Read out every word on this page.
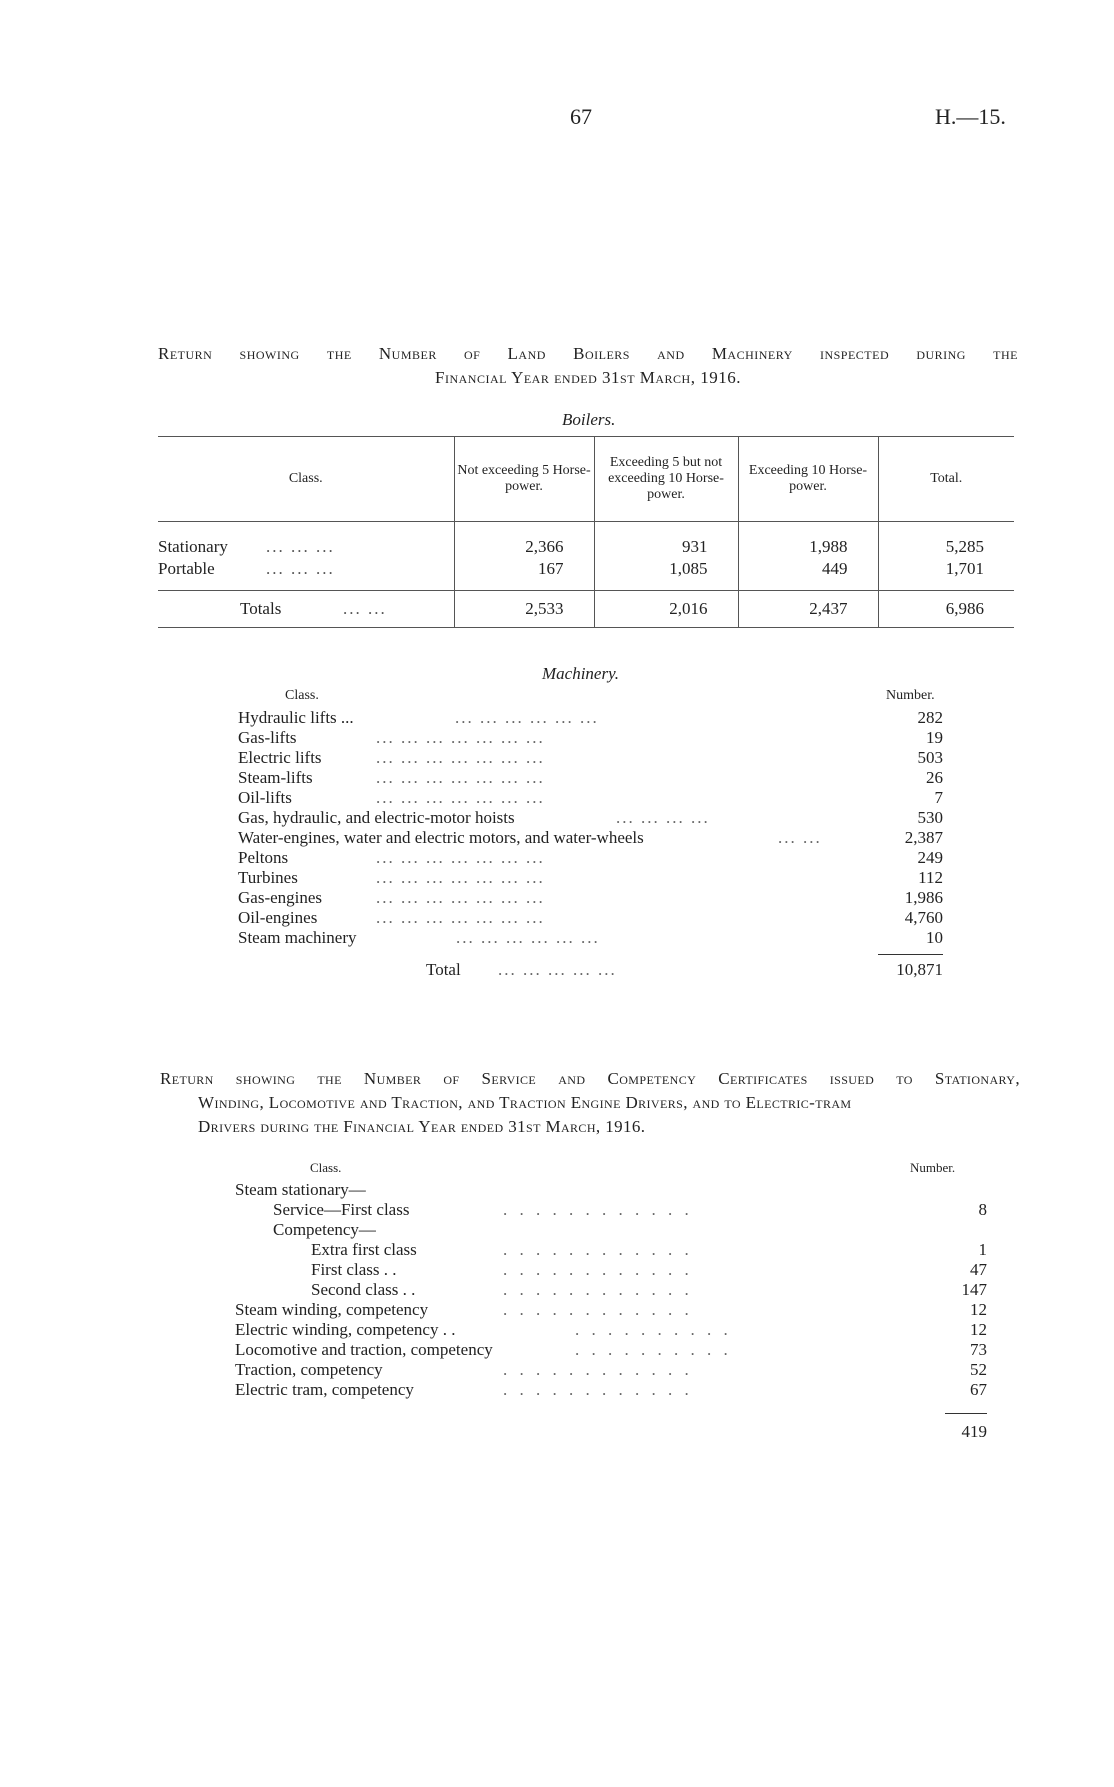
67	H.—15.
Return showing the Number of Land Boilers and Machinery inspected during the
Financial Year ended 31st March, 1916.
Boilers.
Class.	Not exceeding 5 Horse-power.	Exceeding 5 but not exceeding 10 Horse-power.	Exceeding 10 Horse-power.	Total.
Stationary ... ... ...	2,366	931	1,988	5,285
Portable ... ... ...	167	1,085	449	1,701
Totals ... ...	2,533	2,016	2,437	6,986
Machinery.
Class.	Number.
Hydraulic lifts ...	... ... ... ... ... ...	282
Gas-lifts	... ... ... ... ... ... ...	19
Electric lifts	... ... ... ... ... ... ...	503
Steam-lifts	... ... ... ... ... ... ...	26
Oil-lifts	... ... ... ... ... ... ...	7
Gas, hydraulic, and electric-motor hoists	... ... ... ...	530
Water-engines, water and electric motors, and water-wheels	... ...	2,387
Peltons	... ... ... ... ... ... ...	249
Turbines	... ... ... ... ... ... ...	112
Gas-engines	... ... ... ... ... ... ...	1,986
Oil-engines	... ... ... ... ... ... ...	4,760
Steam machinery	... ... ... ... ... ...	10
Total ... ... ... ... ...	10,871
Return showing the Number of Service and Competency Certificates issued to Stationary,
Winding, Locomotive and Traction, and Traction Engine Drivers, and to Electric-tram
Drivers during the Financial Year ended 31st March, 1916.
Class.	Number.
Steam stationary—
Service—First class	. . . . . . . . . . . .	8
Competency—
Extra first class	. . . . . . . . . . . .	1
First class . .	. . . . . . . . . . . .	47
Second class . .	. . . . . . . . . . . .	147
Steam winding, competency	. . . . . . . . . . . .	12
Electric winding, competency . .	. . . . . . . . . .	12
Locomotive and traction, competency	. . . . . . . . . .	73
Traction, competency	. . . . . . . . . . . .	52
Electric tram, competency	. . . . . . . . . . . .	67
419
